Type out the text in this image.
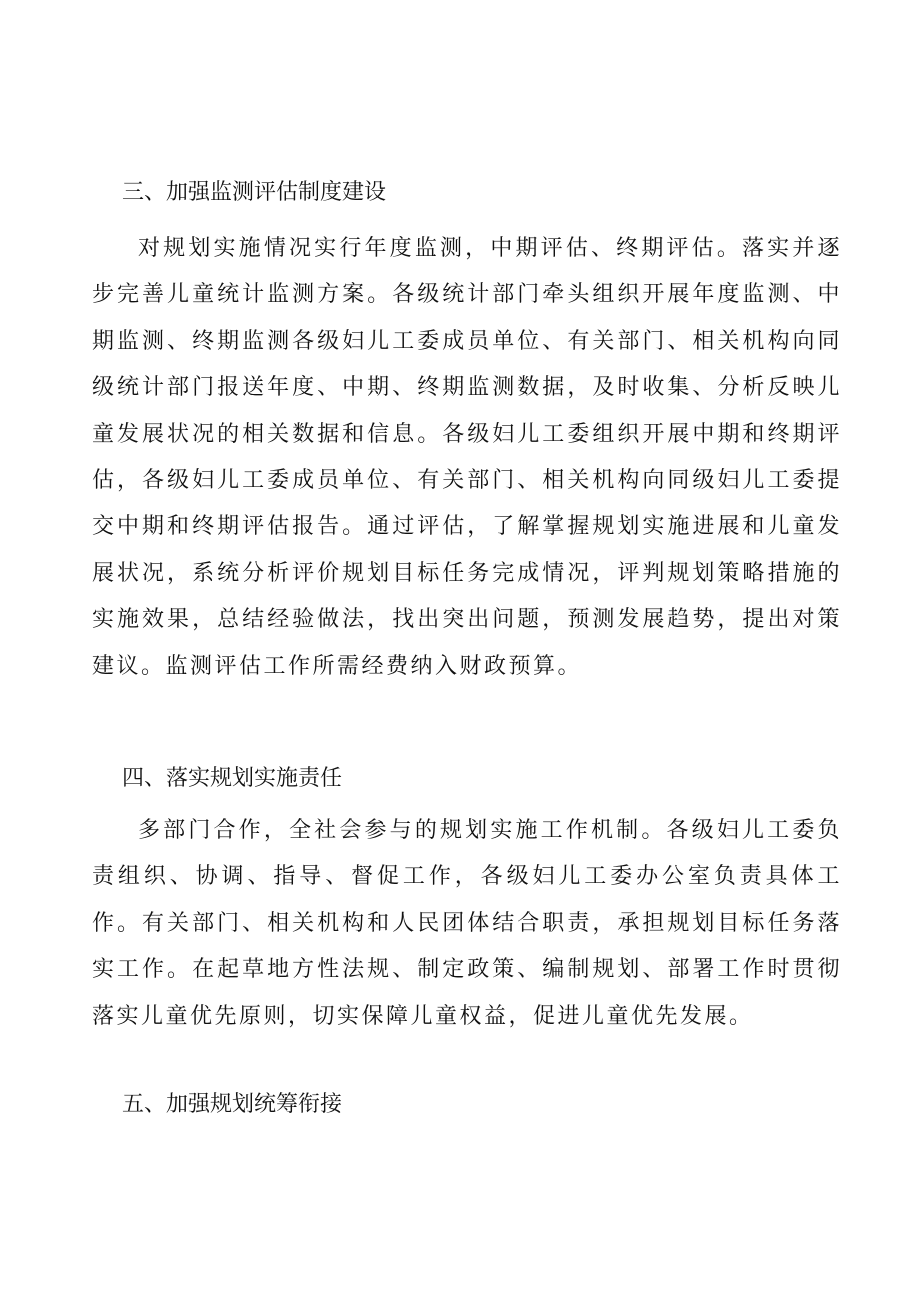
三、加强监测评估制度建设

对规划实施情况实行年度监测，中期评估、终期评估。落实并逐步完善儿童统计监测方案。各级统计部门牵头组织开展年度监测、中期监测、终期监测各级妇儿工委成员单位、有关部门、相关机构向同级统计部门报送年度、中期、终期监测数据，及时收集、分析反映儿童发展状况的相关数据和信息。各级妇儿工委组织开展中期和终期评估，各级妇儿工委成员单位、有关部门、相关机构向同级妇儿工委提交中期和终期评估报告。通过评估，了解掌握规划实施进展和儿童发展状况，系统分析评价规划目标任务完成情况，评判规划策略措施的实施效果，总结经验做法，找出突出问题，预测发展趋势，提出对策建议。监测评估工作所需经费纳入财政预算。

四、落实规划实施责任

多部门合作，全社会参与的规划实施工作机制。各级妇儿工委负责组织、协调、指导、督促工作，各级妇儿工委办公室负责具体工作。有关部门、相关机构和人民团体结合职责，承担规划目标任务落实工作。在起草地方性法规、制定政策、编制规划、部署工作时贯彻落实儿童优先原则，切实保障儿童权益，促进儿童优先发展。

五、加强规划统筹衔接
